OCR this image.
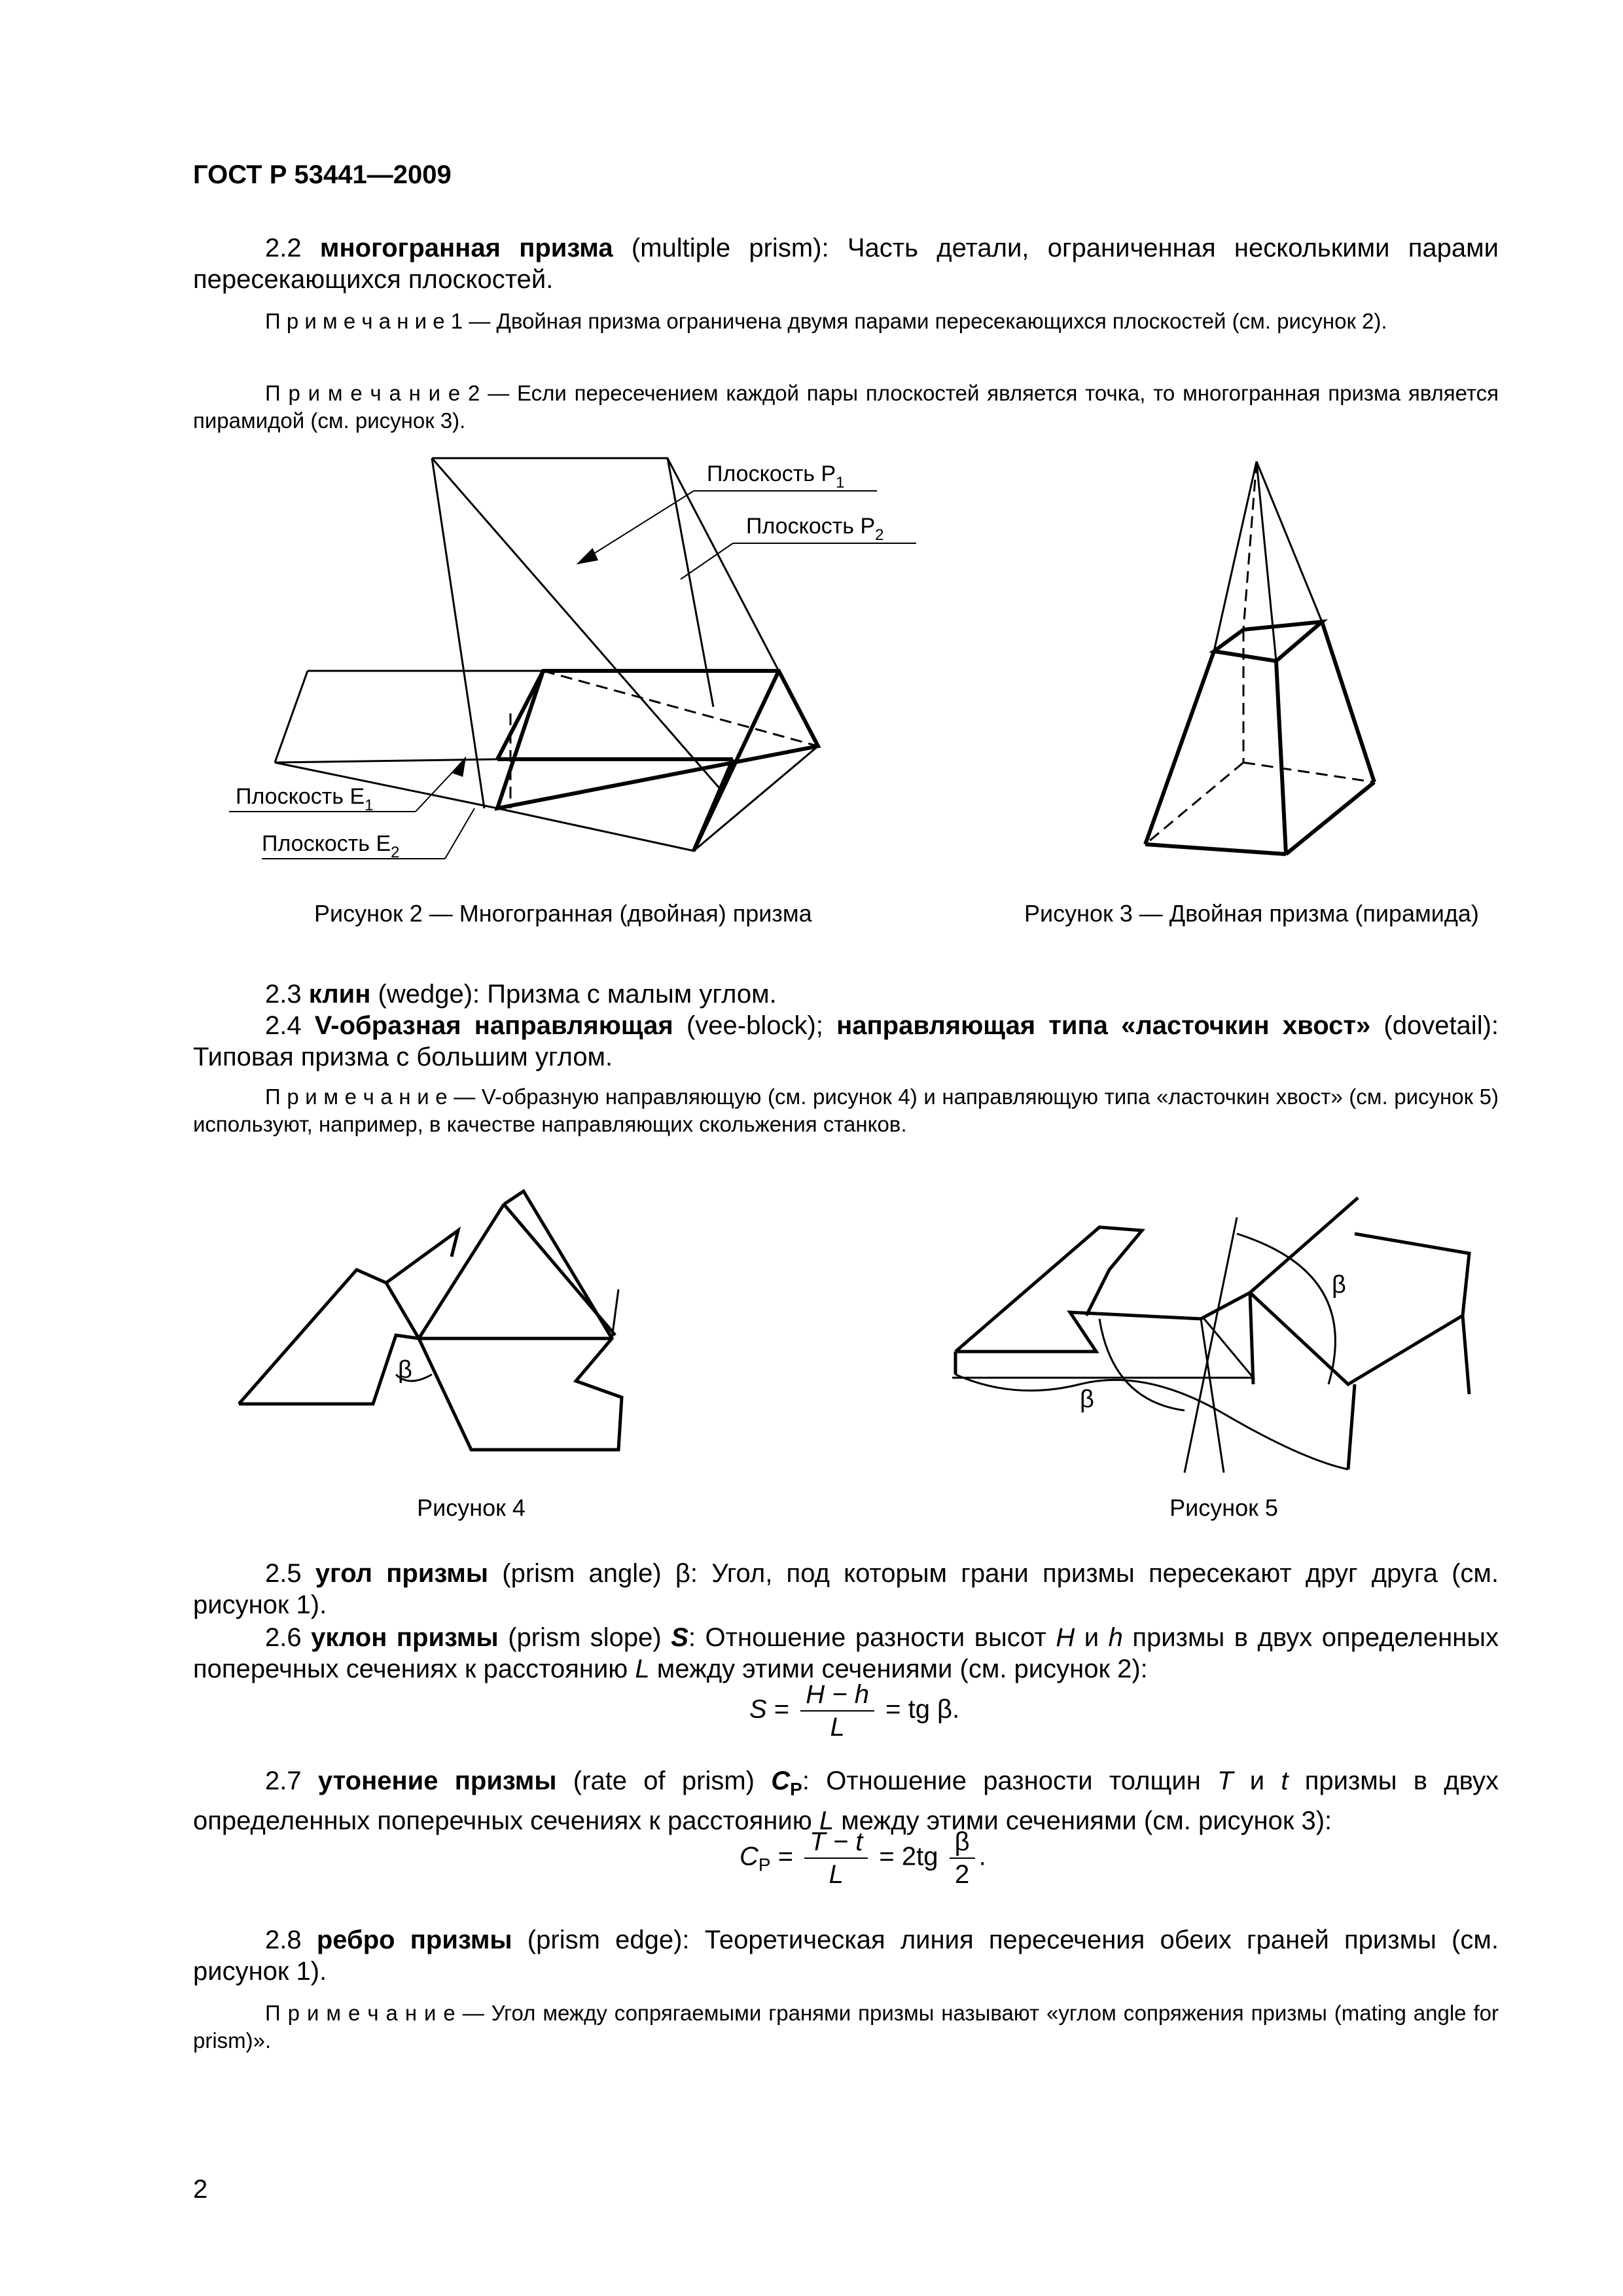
ГОСТ Р 53441—2009
2.2 многогранная призма (multiple prism): Часть детали, ограниченная несколькими парами пересекающихся плоскостей.
П р и м е ч а н и е 1 — Двойная призма ограничена двумя парами пересекающихся плоскостей (см. рисунок 2).
П р и м е ч а н и е 2 — Если пересечением каждой пары плоскостей является точка, то многогранная призма является пирамидой (см. рисунок 3).
Плоскость $P_1$
Плоскость $P_2$
Плоскость $E_1$
Плоскость $E_2$
Рисунок 2 — Многогранная (двойная) призма	Рисунок 3 — Двойная призма (пирамида)
2.3 клин (wedge): Призма с малым углом.
2.4 V-образная направляющая (vee-block); направляющая типа «ласточкин хвост» (dovetail): Типовая призма с большим углом.
П р и м е ч а н и е — V-образную направляющую (см. рисунок 4) и направляющую типа «ласточкин хвост» (см. рисунок 5) используют, например, в качестве направляющих скольжения станков.
β
Рисунок 4
β
β
Рисунок 5
2.5 угол призмы (prism angle) β: Угол, под которым грани призмы пересекают друг друга (см. рисунок 1).
2.6 уклон призмы (prism slope) S: Отношение разности высот H и h призмы в двух определенных поперечных сечениях к расстоянию L между этими сечениями (см. рисунок 2):
$S = \frac{H - h}{L}$ = tg β.
2.7 утонение призмы (rate of prism) $C_P$: Отношение разности толщин T и t призмы в двух определенных поперечных сечениях к расстоянию L между этими сечениями (см. рисунок 3):
$C_P = \frac{T - t}{L} = 2tg \frac{\beta}{2}$ .
2.8 ребро призмы (prism edge): Теоретическая линия пересечения обеих граней призмы (см. рисунок 1).
П р и м е ч а н и е — Угол между сопрягаемыми гранями призмы называют «углом сопряжения призмы (mating angle for prism)».
2
